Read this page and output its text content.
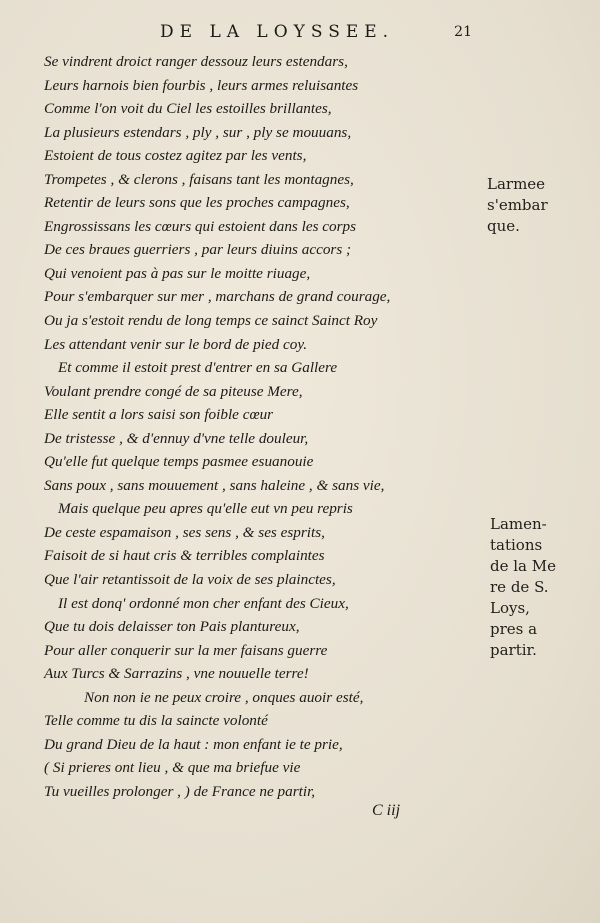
DE LA LOYSSEE.	21
Se vindrent droict ranger dessouz leurs estendars,
Leurs harnois bien fourbis , leurs armes reluisantes
Comme l'on voit du Ciel les estoilles brillantes,
La plusieurs estendars , ply , sur , ply se mouuans,
Estoient de tous costez agitez par les vents,
Trompetes , & clerons , faisans tant les montagnes,
Retentir de leurs sons que les proches campagnes,
Engrossissans les cœurs qui estoient dans les corps
De ces braues guerriers , par leurs diuins accors ;
Qui venoient pas à pas sur le moitte riuage,
Pour s'embarquer sur mer , marchans de grand courage,
Ou ja s'estoit rendu de long temps ce sainct Sainct Roy
Les attendant venir sur le bord de pied coy.
Et comme il estoit prest d'entrer en sa Gallere
Voulant prendre congé de sa piteuse Mere,
Elle sentit a lors saisi son foible cœur
De tristesse , & d'ennuy d'vne telle douleur,
Qu'elle fut quelque temps pasmee esuanouie
Sans poux , sans mouuement , sans haleine , & sans vie,
Mais quelque peu apres qu'elle eut vn peu repris
De ceste espamaison , ses sens , & ses esprits,
Faisoit de si haut cris & terribles complaintes
Que l'air retantissoit de la voix de ses plainctes,
Il est donq' ordonné mon cher enfant des Cieux,
Que tu dois delaisser ton Pais plantureux,
Pour aller conquerir sur la mer faisans guerre
Aux Turcs & Sarrazins , vne nouuelle terre!
Non non ie ne peux croire , onques auoir esté,
Telle comme tu dis la saincte volonté
Du grand Dieu de la haut : mon enfant ie te prie,
( Si prieres ont lieu , & que ma briefue vie
Tu vueilles prolonger , ) de France ne partir,
Larmee
s'embar
que.
Lamen-
tations
de la Me
re de S.
Loys,
pres a
partir.
C iij
